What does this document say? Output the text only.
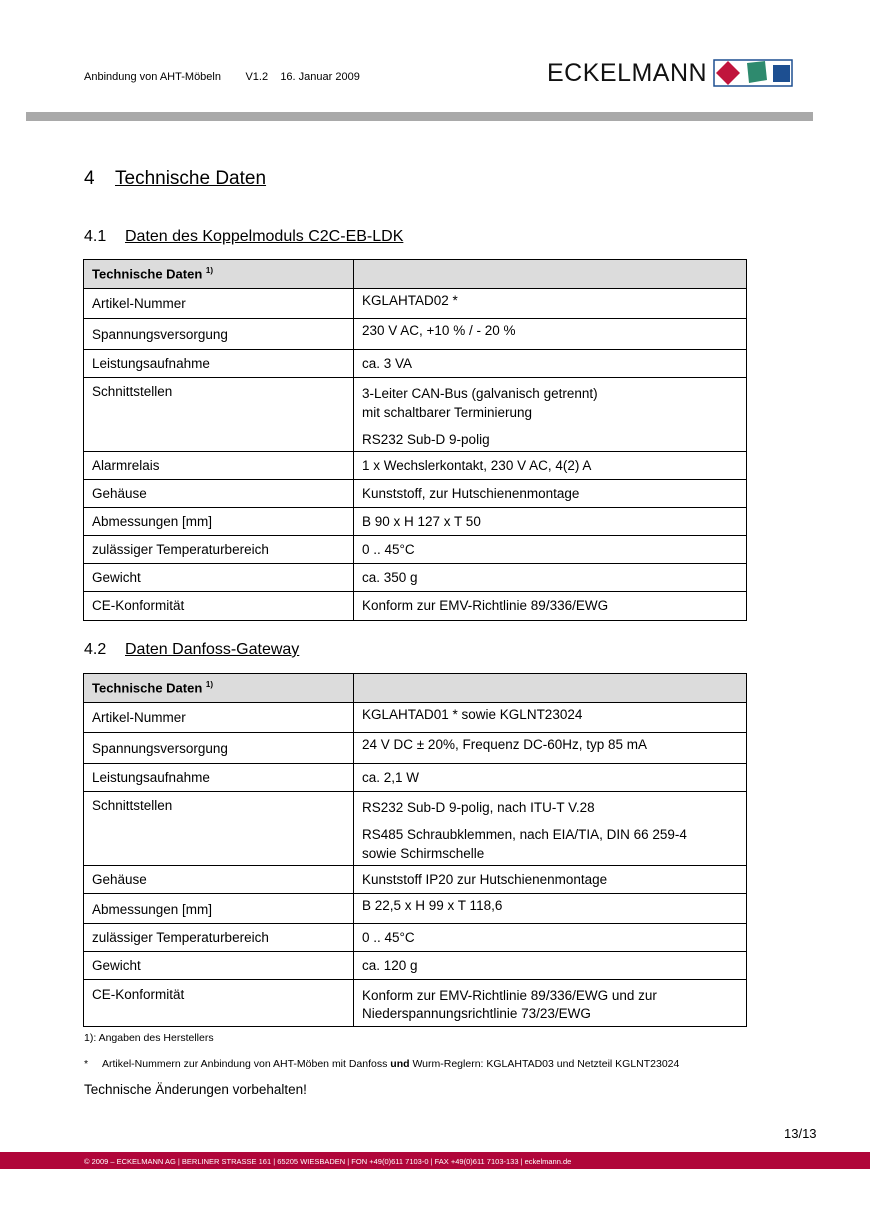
Anbindung von AHT-Möbeln V1.2 16. Januar 2009	ECKELMANN
4 Technische Daten
4.1 Daten des Koppelmoduls C2C-EB-LDK
Technische Daten $^{1)}$	
Artikel-Nummer	KGLAHTAD02 *
Spannungsversorgung	230 V AC, +10 % / - 20 %
Leistungsaufnahme	ca. 3 VA
Schnittstellen	3-Leiter CAN-Bus (galvanisch getrennt)

mit schaltbarer Terminierung

RS232 Sub-D 9-polig

Alarmrelais	1 x Wechslerkontakt, 230 V AC, 4(2) A
Gehäuse	Kunststoff, zur Hutschienenmontage
Abmessungen [mm]	B 90 x H 127 x T 50
zulässiger Temperaturbereich	0 .. 45°C
Gewicht	ca. 350 g
CE-Konformität	Konform zur EMV-Richtlinie 89/336/EWG
4.2 Daten Danfoss-Gateway
Technische Daten $^{1)}$	
Artikel-Nummer	KGLAHTAD01 * sowie KGLNT23024
Spannungsversorgung	24 V DC ± 20%, Frequenz DC-60Hz, typ 85 mA
Leistungsaufnahme	ca. 2,1 W
Schnittstellen	RS232 Sub-D 9-polig, nach ITU-T V.28

RS485 Schraubklemmen, nach EIA/TIA, DIN 66 259-4

sowie Schirmschelle

Gehäuse	Kunststoff IP20 zur Hutschienenmontage
Abmessungen [mm]	B 22,5 x H 99 x T 118,6
zulässiger Temperaturbereich	0 .. 45°C
Gewicht	ca. 120 g
CE-Konformität	Konform zur EMV-Richtlinie 89/336/EWG und zur

Niederspannungsrichtlinie 73/23/EWG

1): Angaben des Herstellers
* Artikel-Nummern zur Anbindung von AHT-Möben mit Danfoss und Wurm-Reglern: KGLAHTAD03 und Netzteil KGLNT23024
Technische Änderungen vorbehalten!
13/13
© 2009 – ECKELMANN AG | BERLINER STRASSE 161 | 65205 WIESBADEN | FON +49(0)611 7103-0 | FAX +49(0)611 7103-133 | eckelmann.de
